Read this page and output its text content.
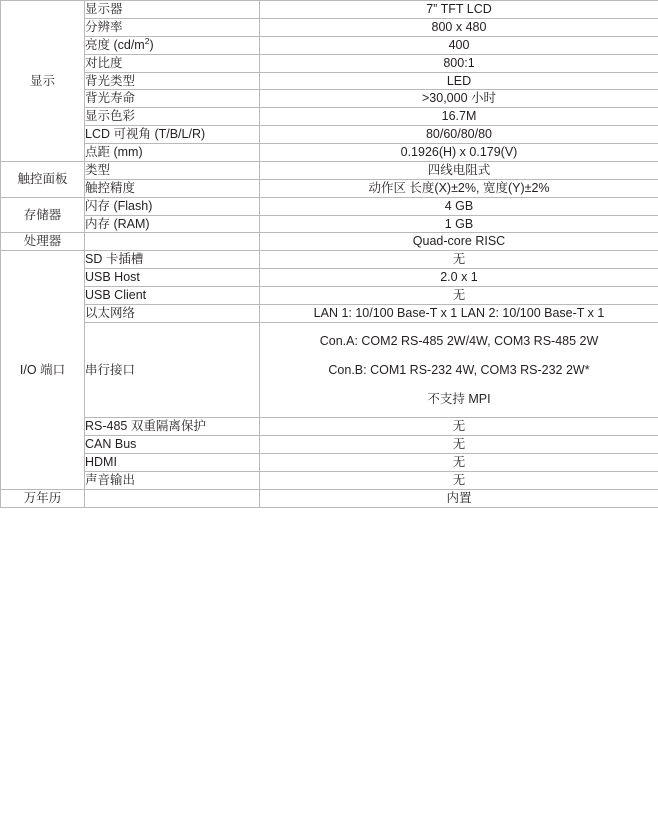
显示	显示器	7” TFT LCD
	分辨率	800 x 480
	亮度 $(cd/m^2)$	400
	对比度	800:1
	背光类型	LED
	背光寿命	>30,000 小时
	显示色彩	16.7M
	LCD 可视角 (T/B/L/R)	80/60/80/80
	点距 (mm)	0.1926(H) x 0.179(V)
触控面板	类型	四线电阻式
	触控精度	动作区 长度(X)±2%, 宽度(Y)±2%
存储器	闪存 (Flash)	4 GB
	内存 (RAM)	1 GB
处理器		Quad-core RISC
I/O 端口	SD 卡插槽	无
	USB Host	2.0 x 1
	USB Client	无
	以太网络	LAN 1: 10/100 Base-T x 1 LAN 2: 10/100 Base-T x 1
	串行接口	Con.A: COM2 RS-485 2W/4W, COM3 RS-485 2W
Con.B: COM1 RS-232 4W, COM3 RS-232 2W*
不支持 MPI

	RS-485 双重隔离保护	无
	CAN Bus	无
	HDMI	无
	声音输出	无
万年历		内置
